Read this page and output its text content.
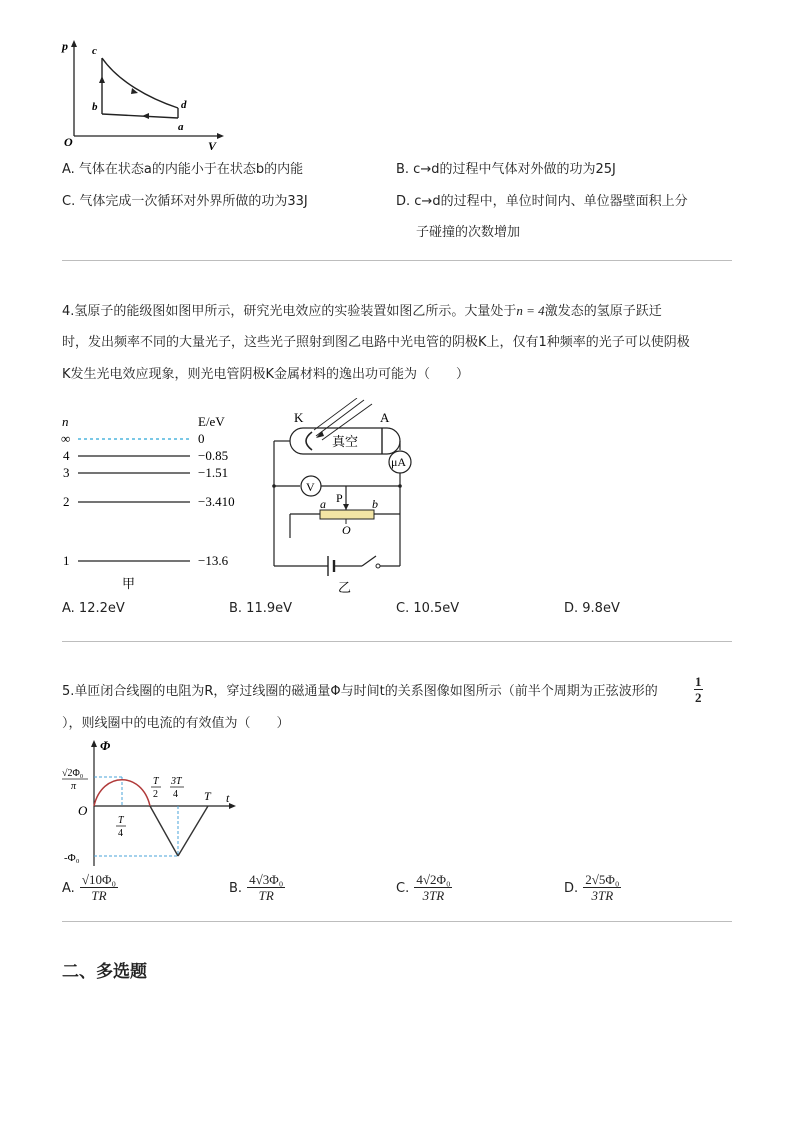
p
V
O
c
b	d
a
A. 气体在状态a的内能小于在状态b的内能	B. c→d的过程中气体对外做的功为25J
C. 气体完成一次循环对外界所做的功为33J	D. c→d的过程中，单位时间内、单位器壁面积上分
子碰撞的次数增加
4.氢原子的能级图如图甲所示，研究光电效应的实验装置如图乙所示。大量处于n = 4激发态的氢原子跃迁
时，发出频率不同的大量光子，这些光子照射到图乙电路中光电管的阴极K上，仅有1种频率的光子可以使阴极
K发生光电效应现象，则光电管阴极K金属材料的逸出功可能为（　　）
n	E/eV
∞	0
4	−0.85
3	−1.51
2	−3.410
1	−13.6
甲
K	A
真空
μA
V
P
a	b
O
乙
A. 12.2eV	B. 11.9eV	C. 10.5eV	D. 9.8eV
5.单匝闭合线圈的电阻为R，穿过线圈的磁通量Φ与时间t的关系图像如图所示（前半个周期为正弦波形的	$\frac{1}{2}$
），则线圈中的电流的有效值为（　　）
Φ
t
O
√2Φ₀
π
-Φ₀
T
2
3T
4 T
T
4
A. $\frac{\text{√10Φ₀}}{TR}$	B. $\frac{\text{4√3Φ₀}}{TR}$	C. $\frac{\text{4√2Φ₀}}{3TR}$	D. $\frac{\text{2√5Φ₀}}{3TR}$
二、多选题
